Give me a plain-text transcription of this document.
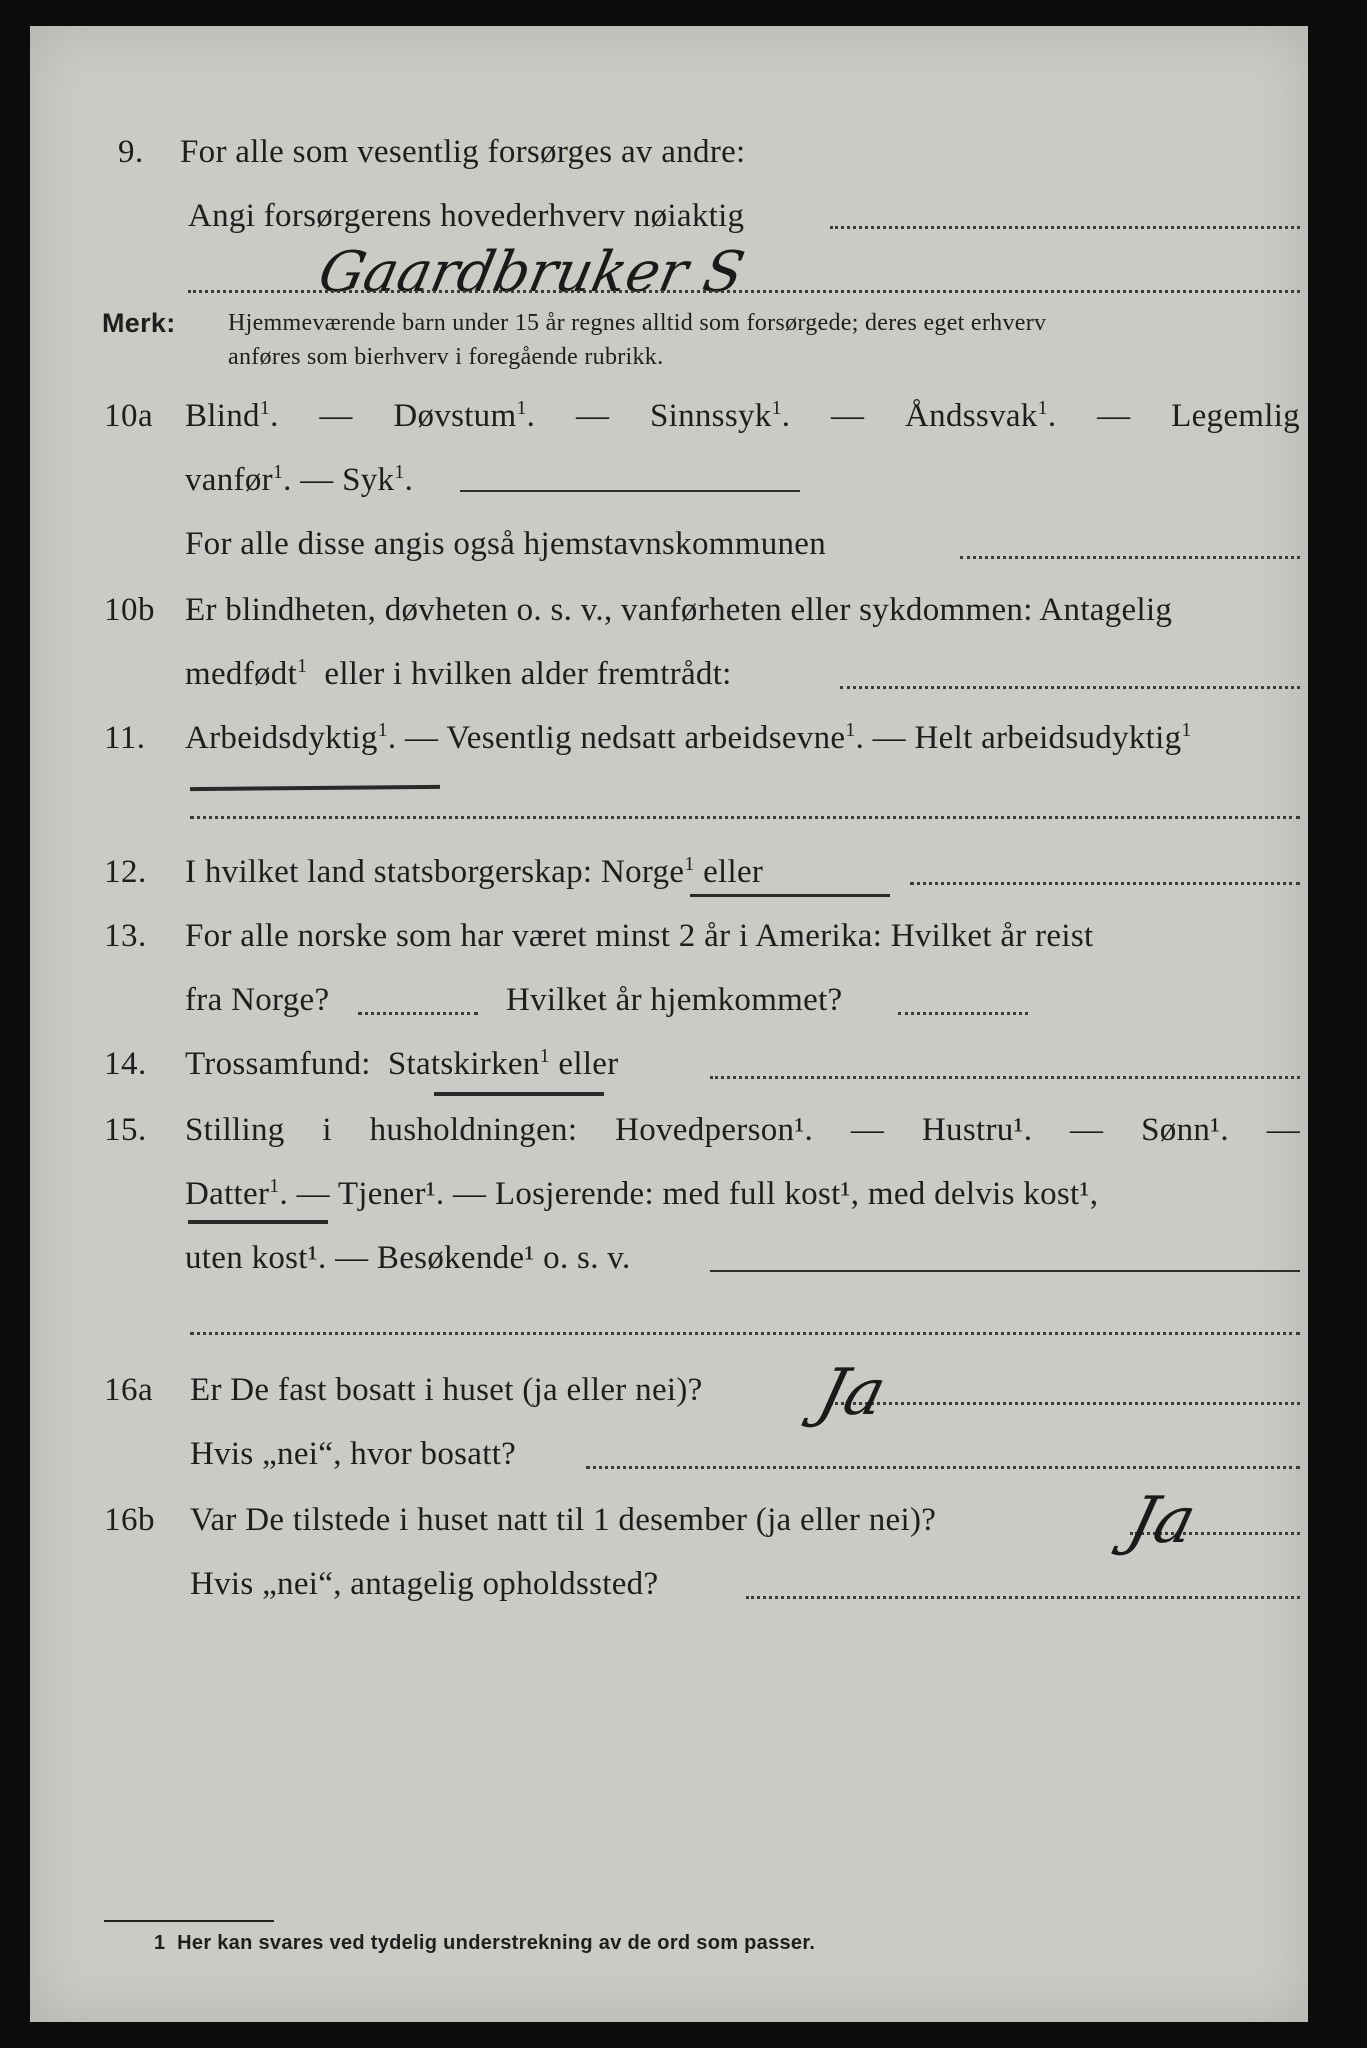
9. For alle som vesentlig forsørges av andre:
Angi forsørgerens hovederhverv nøiaktig
Gaardbruker S
Merk: Hjemmeværende barn under 15 år regnes alltid som forsørgede; deres eget erhverv
anføres som bierhverv i foregående rubrikk.
10a Blind$^1$. — Døvstum$^1$. — Sinnssyk$^1$. — Åndssvak$^1$. — Legemlig
vanfør$^1$. — Syk$^1$.
For alle disse angis også hjemstavnskommunen
10b Er blindheten, døvheten o. s. v., vanførheten eller sykdommen: Antagelig
medfødt$^1$ eller i hvilken alder fremtrådt:
11. Arbeidsdyktig$^1$. — Vesentlig nedsatt arbeidsevne$^1$. — Helt arbeidsudyktig$^1$
12. I hvilket land statsborgerskap: Norge$^1$ eller
13. For alle norske som har været minst 2 år i Amerika: Hvilket år reist
fra Norge?	Hvilket år hjemkommet?
14. Trossamfund: Statskirken$^1$ eller
15. Stilling i husholdningen: Hovedperson¹. — Hustru¹. — Sønn¹. —
Datter$^1$. — Tjener¹. — Losjerende: med full kost¹, med delvis kost¹,
uten kost¹. — Besøkende¹ o. s. v.
16a Er De fast bosatt i huset (ja eller nei)? Ja
Hvis „nei“, hvor bosatt?
16b Var De tilstede i huset natt til 1 desember (ja eller nei)?	Ja
Hvis „nei“, antagelig opholdssted?
1 Her kan svares ved tydelig understrekning av de ord som passer.
